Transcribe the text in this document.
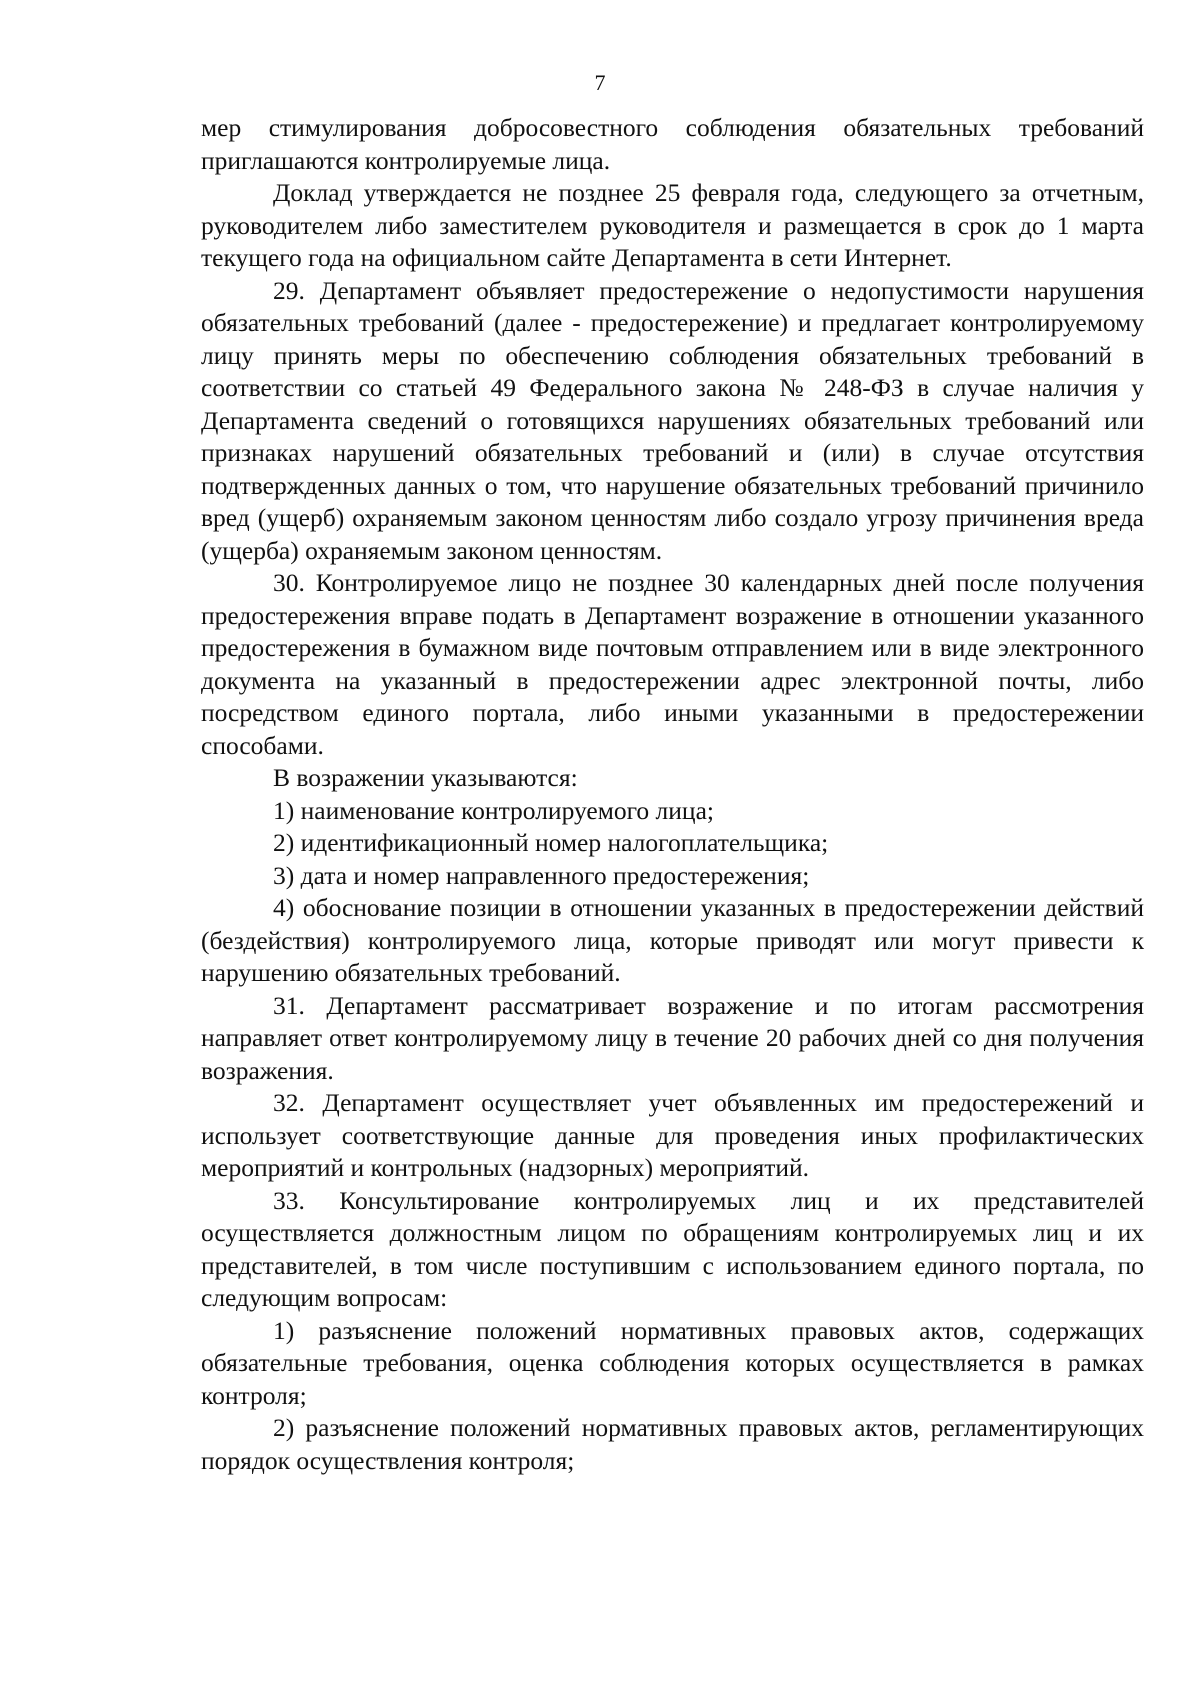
7

мер стимулирования добросовестного соблюдения обязательных требований приглашаются контролируемые лица.

Доклад утверждается не позднее 25 февраля года, следующего за отчетным, руководителем либо заместителем руководителя и размещается в срок до 1 марта текущего года на официальном сайте Департамента в сети Интернет.

29. Департамент объявляет предостережение о недопустимости нарушения обязательных требований (далее - предостережение) и предлагает контролируемому лицу принять меры по обеспечению соблюдения обязательных требований в соответствии со статьей 49 Федерального закона № 248-ФЗ в случае наличия у Департамента сведений о готовящихся нарушениях обязательных требований или признаках нарушений обязательных требований и (или) в случае отсутствия подтвержденных данных о том, что нарушение обязательных требований причинило вред (ущерб) охраняемым законом ценностям либо создало угрозу причинения вреда (ущерба) охраняемым законом ценностям.

30. Контролируемое лицо не позднее 30 календарных дней после получения предостережения вправе подать в Департамент возражение в отношении указанного предостережения в бумажном виде почтовым отправлением или в виде электронного документа на указанный в предостережении адрес электронной почты, либо посредством единого портала, либо иными указанными в предостережении способами.

В возражении указываются:

1) наименование контролируемого лица;

2) идентификационный номер налогоплательщика;

3) дата и номер направленного предостережения;

4) обоснование позиции в отношении указанных в предостережении действий (бездействия) контролируемого лица, которые приводят или могут привести к нарушению обязательных требований.

31. Департамент рассматривает возражение и по итогам рассмотрения направляет ответ контролируемому лицу в течение 20 рабочих дней со дня получения возражения.

32. Департамент осуществляет учет объявленных им предостережений и использует соответствующие данные для проведения иных профилактических мероприятий и контрольных (надзорных) мероприятий.

33. Консультирование контролируемых лиц и их представителей осуществляется должностным лицом по обращениям контролируемых лиц и их представителей, в том числе поступившим с использованием единого портала, по следующим вопросам:

1) разъяснение положений нормативных правовых актов, содержащих обязательные требования, оценка соблюдения которых осуществляется в рамках контроля;

2) разъяснение положений нормативных правовых актов, регламентирующих порядок осуществления контроля;
